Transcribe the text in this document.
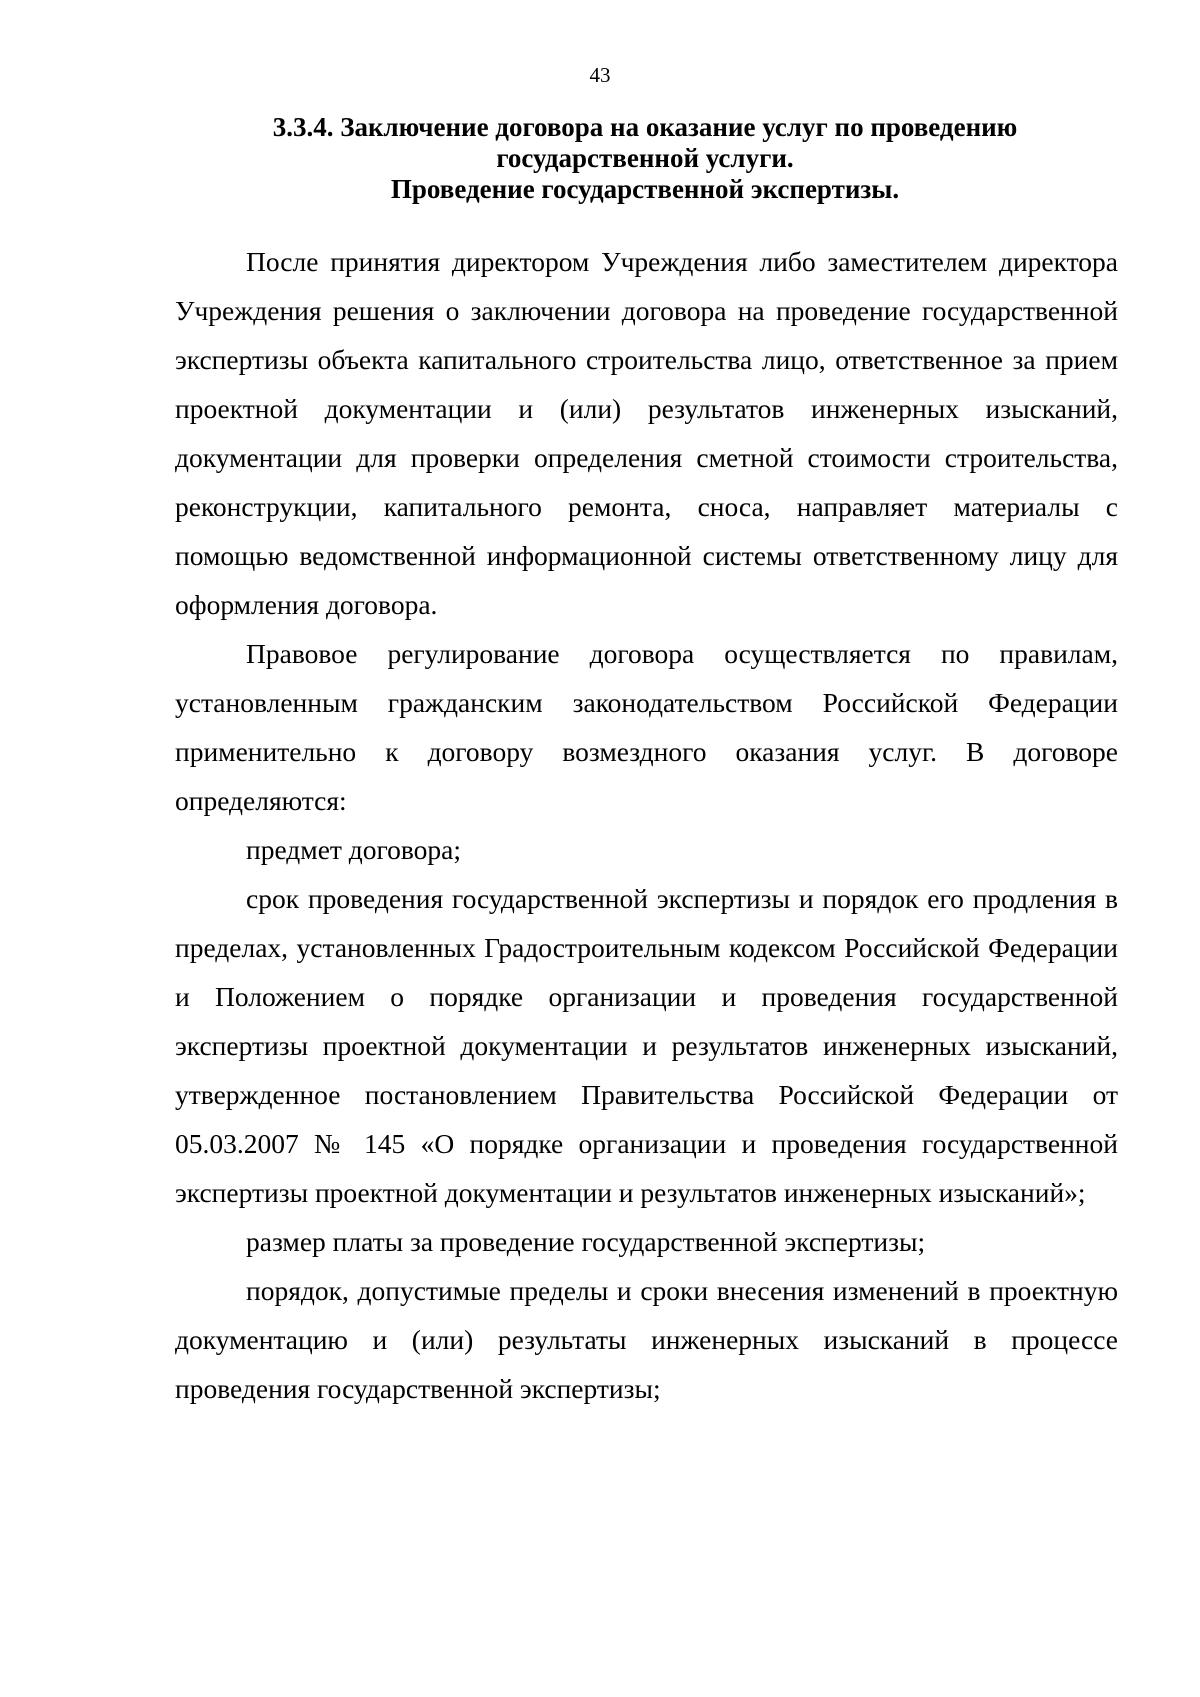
43
3.3.4. Заключение договора на оказание услуг по проведению
государственной услуги.
Проведение государственной экспертизы.

После принятия директором Учреждения либо заместителем директора Учреждения решения о заключении договора на проведение государственной экспертизы объекта капитального строительства лицо, ответственное за прием проектной документации и (или) результатов инженерных изысканий, документации для проверки определения сметной стоимости строительства, реконструкции, капитального ремонта, сноса, направляет материалы с помощью ведомственной информационной системы ответственному лицу для оформления договора.

Правовое регулирование договора осуществляется по правилам, установленным гражданским законодательством Российской Федерации применительно к договору возмездного оказания услуг. В договоре определяются:

предмет договора;

срок проведения государственной экспертизы и порядок его продления в пределах, установленных Градостроительным кодексом Российской Федерации и Положением о порядке организации и проведения государственной экспертизы проектной документации и результатов инженерных изысканий, утвержденное постановлением Правительства Российской Федерации от 05.03.2007 № 145 «О порядке организации и проведения государственной экспертизы проектной документации и результатов инженерных изысканий»;

размер платы за проведение государственной экспертизы;

порядок, допустимые пределы и сроки внесения изменений в проектную документацию и (или) результаты инженерных изысканий в процессе проведения государственной экспертизы;
